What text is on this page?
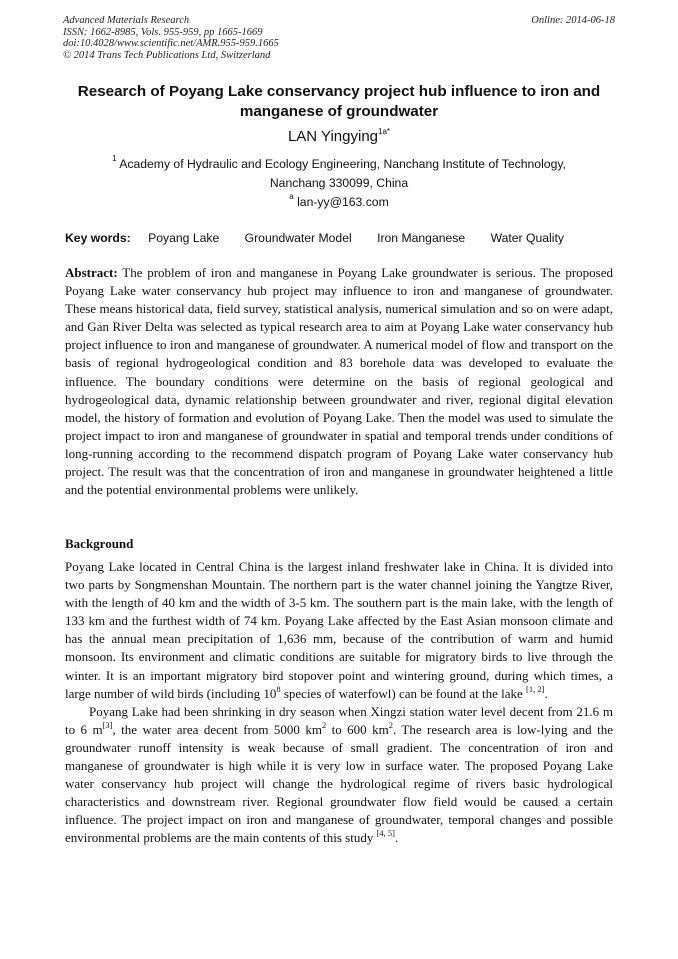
Advanced Materials Research
ISSN: 1662-8985, Vols. 955-959, pp 1665-1669
doi:10.4028/www.scientific.net/AMR.955-959.1665
© 2014 Trans Tech Publications Ltd, Switzerland
Online: 2014-06-18
Research of Poyang Lake conservancy project hub influence to iron and manganese of groundwater
LAN Yingying$^{1a*}$
$^1$ Academy of Hydraulic and Ecology Engineering, Nanchang Institute of Technology,
Nanchang 330099, China
$^a$ lan-yy@163.com
Key words: Poyang Lake Groundwater Model Iron Manganese Water Quality

Abstract: The problem of iron and manganese in Poyang Lake groundwater is serious. The proposed Poyang Lake water conservancy hub project may influence to iron and manganese of groundwater. These means historical data, field survey, statistical analysis, numerical simulation and so on were adapt, and Gan River Delta was selected as typical research area to aim at Poyang Lake water conservancy hub project influence to iron and manganese of groundwater. A numerical model of flow and transport on the basis of regional hydrogeological condition and 83 borehole data was developed to evaluate the influence. The boundary conditions were determine on the basis of regional geological and hydrogeological data, dynamic relationship between groundwater and river, regional digital elevation model, the history of formation and evolution of Poyang Lake. Then the model was used to simulate the project impact to iron and manganese of groundwater in spatial and temporal trends under conditions of long-running according to the recommend dispatch program of Poyang Lake water conservancy hub project. The result was that the concentration of iron and manganese in groundwater heightened a little and the potential environmental problems were unlikely.

Background

Poyang Lake located in Central China is the largest inland freshwater lake in China. It is divided into two parts by Songmenshan Mountain. The northern part is the water channel joining the Yangtze River, with the length of 40 km and the width of 3-5 km. The southern part is the main lake, with the length of 133 km and the furthest width of 74 km. Poyang Lake affected by the East Asian monsoon climate and has the annual mean precipitation of 1,636 mm, because of the contribution of warm and humid monsoon. Its environment and climatic conditions are suitable for migratory birds to live through the winter. It is an important migratory bird stopover point and wintering ground, during which times, a large number of wild birds (including $10^8$ species of waterfowl) can be found at the lake [1, 2].

Poyang Lake had been shrinking in dry season when Xingzi station water level decent from 21.6 m to 6 m[3], the water area decent from 5000 $km^2$ to 600 $km^2$. The research area is low-lying and the groundwater runoff intensity is weak because of small gradient. The concentration of iron and manganese of groundwater is high while it is very low in surface water. The proposed Poyang Lake water conservancy hub project will change the hydrological regime of rivers basic hydrological characteristics and downstream river. Regional groundwater flow field would be caused a certain influence. The project impact on iron and manganese of groundwater, temporal changes and possible environmental problems are the main contents of this study [4, 5].
